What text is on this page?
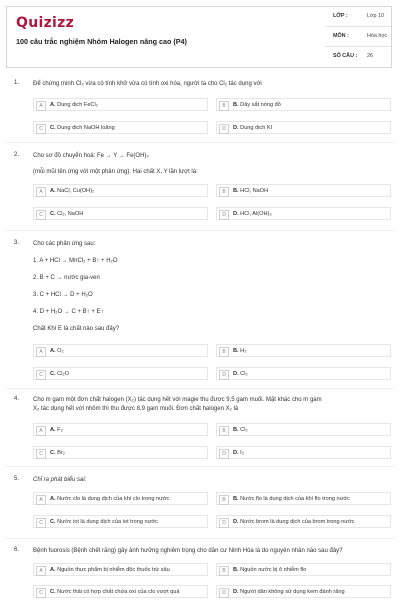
Quizizz
100 câu trắc nghiệm Nhóm Halogen nâng cao (P4)
LỚP :	Lớp 10
MÔN :	Hóa học
SỐ CÂU : 26
1. Để chứng minh Cl₂ vừa có tính khử vừa có tính oxi hóa, người ta cho Cl₂ tác dụng với
A	A. Dung dịch FeCl₂	B	B. Dây sắt nóng đỏ
C	C. Dung dịch NaOH loãng	D	D. Dung dịch KI
2. Cho sơ đồ chuyển hoá: Fe → Y → Fe(OH)₃
(mỗi mũi tên ứng với một phản ứng). Hai chất X, Y lần lượt là:
A	A. NaCl, Cu(OH)₂	B	B. HCl, NaOH
C	C. Cl₂, NaOH	D	D. HCl, Al(OH)₃
3. Cho các phản ứng sau:
1. A + HCl → MnCl₂ + B↑ + H₂O
2. B + C → nước gia-ven
3. C + HCl → D + H₂O
4. D + H₂O → C + B↑ + E↑
Chất Khí E là chất nào sau đây?
A	A. O₂	B	B. H₂
C	C. Cl₂O	D	D. Cl₂
4. Cho m gam một đơn chất halogen (X₂) tác dụng hết với magie thu được 9,5 gam muối. Mặt khác cho m gam
X₂ tác dụng hết với nhôm thì thu được 8,9 gam muối. Đơn chất halogen X₂ là
A	A. F₂	B	B. Cl₂
C	C. Br₂	D	D. I₂
5. Chỉ ra phát biểu sai:
A	A. Nước clo là dung dịch của khí clo trong nước	B	B. Nước flo là dung dịch của khí flo trong nước
C	C. Nước iot là dung dịch của iot trong nước	D	D. Nước brom là dung dịch của brom trong nước
6. Bệnh fuorosis (Bệnh chết răng) gây ảnh hưởng nghiêm trọng cho dân cư Ninh Hòa là do nguyên nhân nào sau đây?
A	A. Nguồn thực phẩm bị nhiễm độc thuốc trừ sâu	B	B. Nguồn nước bị ô nhiễm flo
C	C. Nước thải có hợp chất chứa oxi của clo vượt quá	D	D. Người dân không sử dụng kem đánh răng
